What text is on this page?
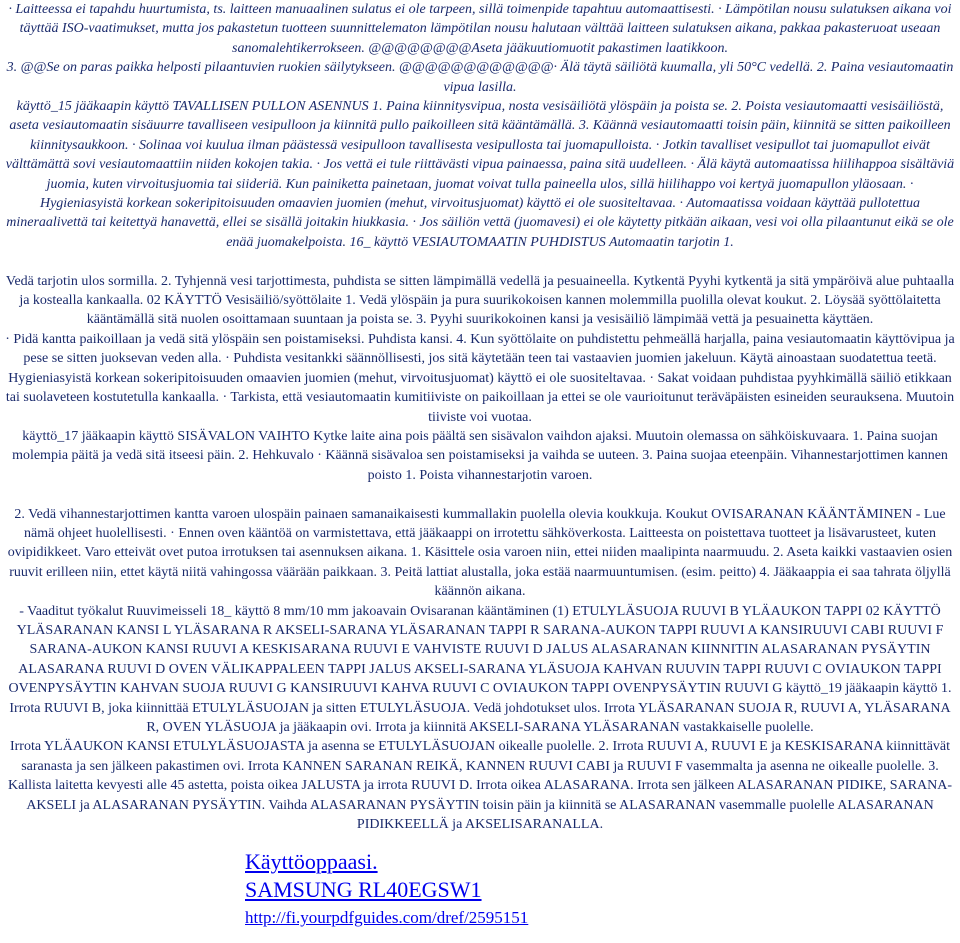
· Laitteessa ei tapahdu huurtumista, ts. laitteen manuaalinen sulatus ei ole tarpeen, sillä toimenpide tapahtuu automaattisesti. · Lämpötilan nousu sulatuksen aikana voi täyttää ISO-vaatimukset, mutta jos pakastetun tuotteen suunnittelematon lämpötilan nousu halutaan välttää laitteen sulatuksen aikana, pakkaa pakasteruoat useaan sanomalehtikerrokseen. @@@@@@@@Aseta jääkuutiomuotit pakastimen laatikkoon.

3. @@Se on paras paikka helposti pilaantuvien ruokien säilytykseen. @@@@@@@@@@@@· Älä täytä säiliötä kuumalla, yli 50°C vedellä. 2. Paina vesiautomaatin vipua lasilla.

käyttö_15 jääkaapin käyttö TAVALLISEN PULLON ASENNUS 1. Paina kiinnitysvipua, nosta vesisäiliötä ylöspäin ja poista se. 2. Poista vesiautomaatti vesisäiliöstä, aseta vesiautomaatin sisäuurre tavalliseen vesipulloon ja kiinnitä pullo paikoilleen sitä kääntämällä. 3. Käännä vesiautomaatti toisin päin, kiinnitä se sitten paikoilleen kiinnitysaukkoon. · Solinaa voi kuulua ilman päästessä vesipulloon tavallisesta vesipullosta tai juomapulloista. · Jotkin tavalliset vesipullot tai juomapullot eivät välttämättä sovi vesiautomaattiin niiden kokojen takia. · Jos vettä ei tule riittävästi vipua painaessa, paina sitä uudelleen. · Älä käytä automaatissa hiilihappoa sisältäviä juomia, kuten virvoitusjuomia tai siideriä. Kun painiketta painetaan, juomat voivat tulla paineella ulos, sillä hiilihappo voi kertyä juomapullon yläosaan. · Hygieniasyistä korkean sokeripitoisuuden omaavien juomien (mehut, virvoitusjuomat) käyttö ei ole suositeltavaa. · Automaatissa voidaan käyttää pullotettua mineraalivettä tai keitettyä hanavettä, ellei se sisällä joitakin hiukkasia. · Jos säiliön vettä (juomavesi) ei ole käytetty pitkään aikaan, vesi voi olla pilaantunut eikä se ole enää juomakelpoista. 16_ käyttö VESIAUTOMAATIN PUHDISTUS Automaatin tarjotin 1.

Vedä tarjotin ulos sormilla. 2. Tyhjennä vesi tarjottimesta, puhdista se sitten lämpimällä vedellä ja pesuaineella. Kytkentä Pyyhi kytkentä ja sitä ympäröivä alue puhtaalla ja kostealla kankaalla. 02 KÄYTTÖ Vesisäiliö/syöttölaite 1. Vedä ylöspäin ja pura suurikokoisen kannen molemmilla puolilla olevat koukut. 2. Löysää syöttölaitetta kääntämällä sitä nuolen osoittamaan suuntaan ja poista se. 3. Pyyhi suurikokoinen kansi ja vesisäiliö lämpimää vettä ja pesuainetta käyttäen.

· Pidä kantta paikoillaan ja vedä sitä ylöspäin sen poistamiseksi. Puhdista kansi. 4. Kun syöttölaite on puhdistettu pehmeällä harjalla, paina vesiautomaatin käyttövipua ja pese se sitten juoksevan veden alla. · Puhdista vesitankki säännöllisesti, jos sitä käytetään teen tai vastaavien juomien jakeluun. Käytä ainoastaan suodatettua teetä. Hygieniasyistä korkean sokeripitoisuuden omaavien juomien (mehut, virvoitusjuomat) käyttö ei ole suositeltavaa. · Sakat voidaan puhdistaa pyyhkimällä säiliö etikkaan tai suolaveteen kostutetulla kankaalla. · Tarkista, että vesiautomaatin kumitiiviste on paikoillaan ja ettei se ole vaurioitunut teräväpäisten esineiden seurauksena. Muutoin tiiviste voi vuotaa.

käyttö_17 jääkaapin käyttö SISÄVALON VAIHTO Kytke laite aina pois päältä sen sisävalon vaihdon ajaksi. Muutoin olemassa on sähköiskuvaara. 1. Paina suojan molempia päitä ja vedä sitä itseesi päin. 2. Hehkuvalo · Käännä sisävaloa sen poistamiseksi ja vaihda se uuteen. 3. Paina suojaa eteenpäin. Vihannestarjottimen kannen poisto 1. Poista vihannestarjotin varoen.

2. Vedä vihannestarjottimen kantta varoen ulospäin painaen samanaikaisesti kummallakin puolella olevia koukkuja. Koukut OVISARANAN KÄÄNTÄMINEN - Lue nämä ohjeet huolellisesti. · Ennen oven kääntöä on varmistettava, että jääkaappi on irrotettu sähköverkosta. Laitteesta on poistettava tuotteet ja lisävarusteet, kuten ovipidikkeet. Varo etteivät ovet putoa irrotuksen tai asennuksen aikana. 1. Käsittele osia varoen niin, ettei niiden maalipinta naarmuudu. 2. Aseta kaikki vastaavien osien ruuvit erilleen niin, ettet käytä niitä vahingossa väärään paikkaan. 3. Peitä lattiat alustalla, joka estää naarmuuntumisen. (esim. peitto) 4. Jääkaappia ei saa tahrata öljyllä käännön aikana.

- Vaaditut työkalut Ruuvimeisseli 18_ käyttö 8 mm/10 mm jakoavain Ovisaranan kääntäminen (1) ETULYLÄSUOJA RUUVI B YLÄAUKON TAPPI 02 KÄYTTÖ YLÄSARANAN KANSI L YLÄSARANA R AKSELI-SARANA YLÄSARANAN TAPPI R SARANA-AUKON TAPPI RUUVI A KANSIRUUVI CABI RUUVI F SARANA-AUKON KANSI RUUVI A KESKISARANA RUUVI E VAHVISTE RUUVI D JALUS ALASARANAN KIINNITIN ALASARANAN PYSÄYTIN ALASARANA RUUVI D OVEN VÄLIKAPPALEEN TAPPI JALUS AKSELI-SARANA YLÄSUOJA KAHVAN RUUVIN TAPPI RUUVI C OVIAUKON TAPPI OVENPYSÄYTIN KAHVAN SUOJA RUUVI G KANSIRUUVI KAHVA RUUVI C OVIAUKON TAPPI OVENPYSÄYTIN RUUVI G käyttö_19 jääkaapin käyttö 1. Irrota RUUVI B, joka kiinnittää ETULYLÄSUOJAN ja sitten ETULYLÄSUOJA. Vedä johdotukset ulos. Irrota YLÄSARANAN SUOJA R, RUUVI A, YLÄSARANA R, OVEN YLÄSUOJA ja jääkaapin ovi. Irrota ja kiinnitä AKSELI-SARANA YLÄSARANAN vastakkaiselle puolelle.

Irrota YLÄAUKON KANSI ETULYLÄSUOJASTA ja asenna se ETULYLÄSUOJAN oikealle puolelle. 2. Irrota RUUVI A, RUUVI E ja KESKISARANA kiinnittävät saranasta ja sen jälkeen pakastimen ovi. Irrota KANNEN SARANAN REIKÄ, KANNEN RUUVI CABI ja RUUVI F vasemmalta ja asenna ne oikealle puolelle. 3. Kallista laitetta kevyesti alle 45 astetta, poista oikea JALUSTA ja irrota RUUVI D. Irrota oikea ALASARANA. Irrota sen jälkeen ALASARANAN PIDIKE, SARANA-AKSELI ja ALASARANAN PYSÄYTIN. Vaihda ALASARANAN PYSÄYTIN toisin päin ja kiinnitä se ALASARANAN vasemmalle puolelle ALASARANAN PIDIKKEELLÄ ja AKSELISARANALLA.

Käyttöoppaasi.
SAMSUNG RL40EGSW1
http://fi.yourpdfguides.com/dref/2595151
